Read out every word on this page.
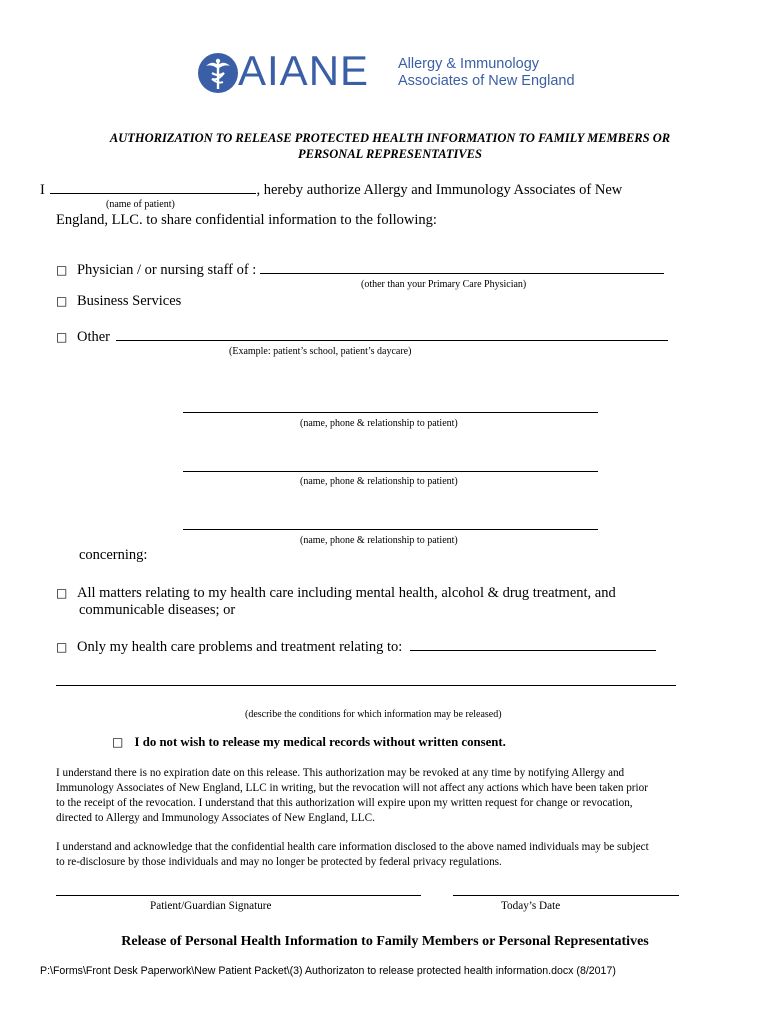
AIANE Allergy & Immunology
Associates of New England
AUTHORIZATION TO RELEASE PROTECTED HEALTH INFORMATION TO FAMILY MEMBERS OR
PERSONAL REPRESENTATIVES
I	, hereby authorize Allergy and Immunology Associates of New
(name of patient)
England, LLC. to share confidential information to the following:
□ Physician / or nursing staff of :
(other than your Primary Care Physician)
□ Business Services
□ Other
(Example: patient’s school, patient’s daycare)
(name, phone & relationship to patient)
(name, phone & relationship to patient)
(name, phone & relationship to patient)
concerning:
□ All matters relating to my health care including mental health, alcohol & drug treatment, and
communicable diseases; or
□ Only my health care problems and treatment relating to:
(describe the conditions for which information may be released)
□ I do not wish to release my medical records without written consent.
I understand there is no expiration date on this release. This authorization may be revoked at any time by notifying Allergy and
Immunology Associates of New England, LLC in writing, but the revocation will not affect any actions which have been taken prior
to the receipt of the revocation. I understand that this authorization will expire upon my written request for change or revocation,
directed to Allergy and Immunology Associates of New England, LLC.
I understand and acknowledge that the confidential health care information disclosed to the above named individuals may be subject
to re-disclosure by those individuals and may no longer be protected by federal privacy regulations.
Patient/Guardian Signature	Today’s Date
Release of Personal Health Information to Family Members or Personal Representatives
P:\Forms\Front Desk Paperwork\New Patient Packet\(3) Authorizaton to release protected health information.docx (8/2017)
